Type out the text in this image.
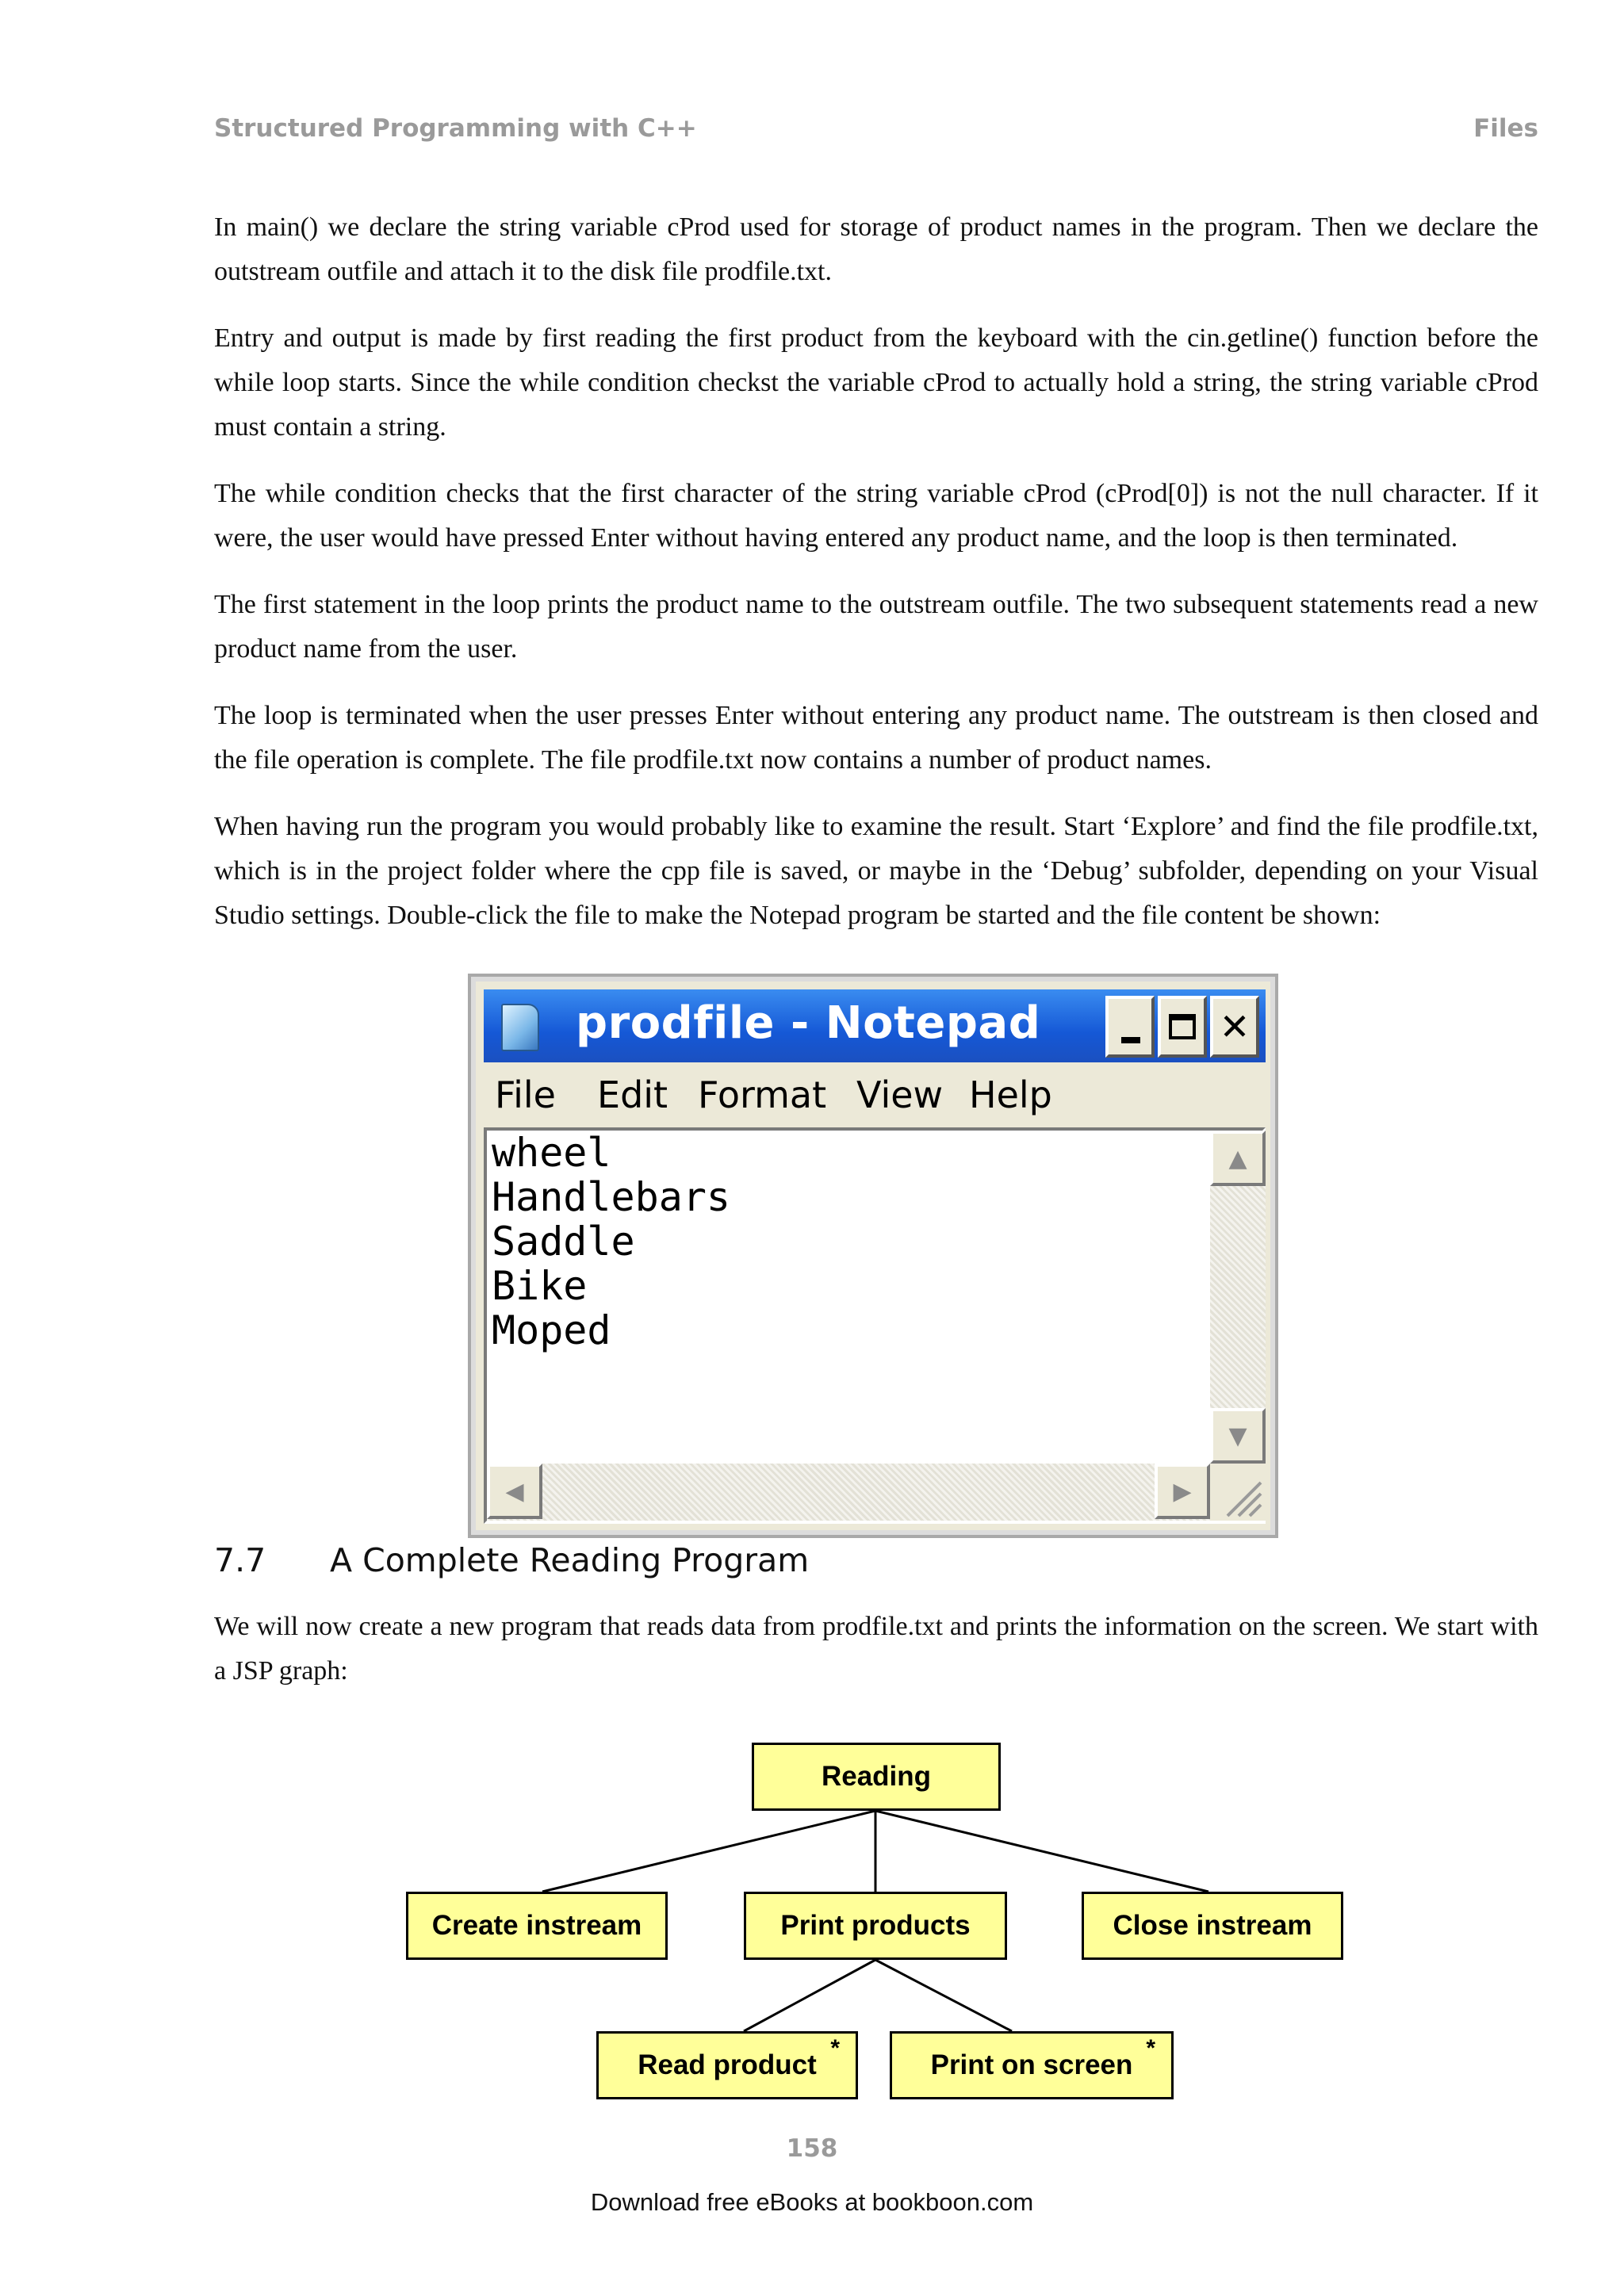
Structured Programming with C++	Files

In main() we declare the string variable cProd used for storage of product names in the program. Then we declare the outstream outfile and attach it to the disk file prodfile.txt.

Entry and output is made by first reading the first product from the keyboard with the cin.getline() function before the while loop starts. Since the while condition checkst the variable cProd to actually hold a string, the string variable cProd must contain a string.

The while condition checks that the first character of the string variable cProd (cProd[0]) is not the null character. If it were, the user would have pressed Enter without having entered any product name, and the loop is then terminated.

The first statement in the loop prints the product name to the outstream outfile. The two subsequent statements read a new product name from the user.

The loop is terminated when the user presses Enter without entering any product name. The outstream is then closed and the file operation is complete. The file prodfile.txt now contains a number of product names.

When having run the program you would probably like to examine the result. Start ‘Explore’ and find the file prodfile.txt, which is in the project folder where the cpp file is saved, or maybe in the ‘Debug’ subfolder, depending on your Visual Studio settings. Double-click the file to make the Notepad program be started and the file content be shown:

prodfile - Notepad	✕
File Edit Format View Help
wheel
Handlebars
Saddle
Bike
Moped
▲
▼
◀	▶
7.7 A Complete Reading Program

We will now create a new program that reads data from prodfile.txt and prints the information on the screen. We start with a JSP graph:

Reading
Create instream	Print products	Close instream
Read product
*
Print on screen
*
158
Download free eBooks at bookboon.com
